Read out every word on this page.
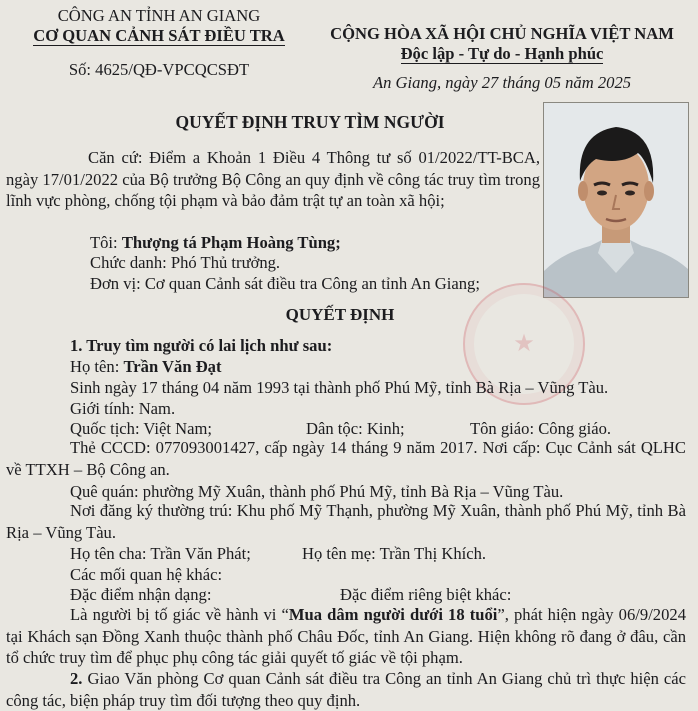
CÔNG AN TỈNH AN GIANG
CƠ QUAN CẢNH SÁT ĐIỀU TRA
Số: 4625/QĐ-VPCQCSĐT
CỘNG HÒA XÃ HỘI CHỦ NGHĨA VIỆT NAM
Độc lập - Tự do - Hạnh phúc
An Giang, ngày 27 tháng 05 năm 2025
QUYẾT ĐỊNH TRUY TÌM NGƯỜI
★
Căn cứ: Điểm a Khoản 1 Điều 4 Thông tư số 01/2022/TT-BCA, ngày 17/01/2022 của Bộ trưởng Bộ Công an quy định về công tác truy tìm trong lĩnh vực phòng, chống tội phạm và bảo đảm trật tự an toàn xã hội;
Tôi: Thượng tá Phạm Hoàng Tùng;
Chức danh: Phó Thủ trưởng.
Đơn vị: Cơ quan Cảnh sát điều tra Công an tỉnh An Giang;
QUYẾT ĐỊNH
1. Truy tìm người có lai lịch như sau:
Họ tên: Trần Văn Đạt
Sinh ngày 17 tháng 04 năm 1993 tại thành phố Phú Mỹ, tỉnh Bà Rịa – Vũng Tàu.
Giới tính: Nam.
Quốc tịch: Việt Nam;	Dân tộc: Kinh;	Tôn giáo: Công giáo.
Thẻ CCCD: 077093001427, cấp ngày 14 tháng 9 năm 2017. Nơi cấp: Cục Cảnh sát QLHC về TTXH – Bộ Công an.
Quê quán: phường Mỹ Xuân, thành phố Phú Mỹ, tỉnh Bà Rịa – Vũng Tàu.
Nơi đăng ký thường trú: Khu phố Mỹ Thạnh, phường Mỹ Xuân, thành phố Phú Mỹ, tỉnh Bà Rịa – Vũng Tàu.
Họ tên cha: Trần Văn Phát;	Họ tên mẹ: Trần Thị Khích.
Các mối quan hệ khác:
Đặc điểm nhận dạng:	Đặc điểm riêng biệt khác:
Là người bị tố giác về hành vi “Mua dâm người dưới 18 tuổi”, phát hiện ngày 06/9/2024 tại Khách sạn Đồng Xanh thuộc thành phố Châu Đốc, tỉnh An Giang. Hiện không rõ đang ở đâu, cần tổ chức truy tìm để phục phụ công tác giải quyết tố giác về tội phạm.
2. Giao Văn phòng Cơ quan Cảnh sát điều tra Công an tỉnh An Giang chủ trì thực hiện các công tác, biện pháp truy tìm đối tượng theo quy định.
